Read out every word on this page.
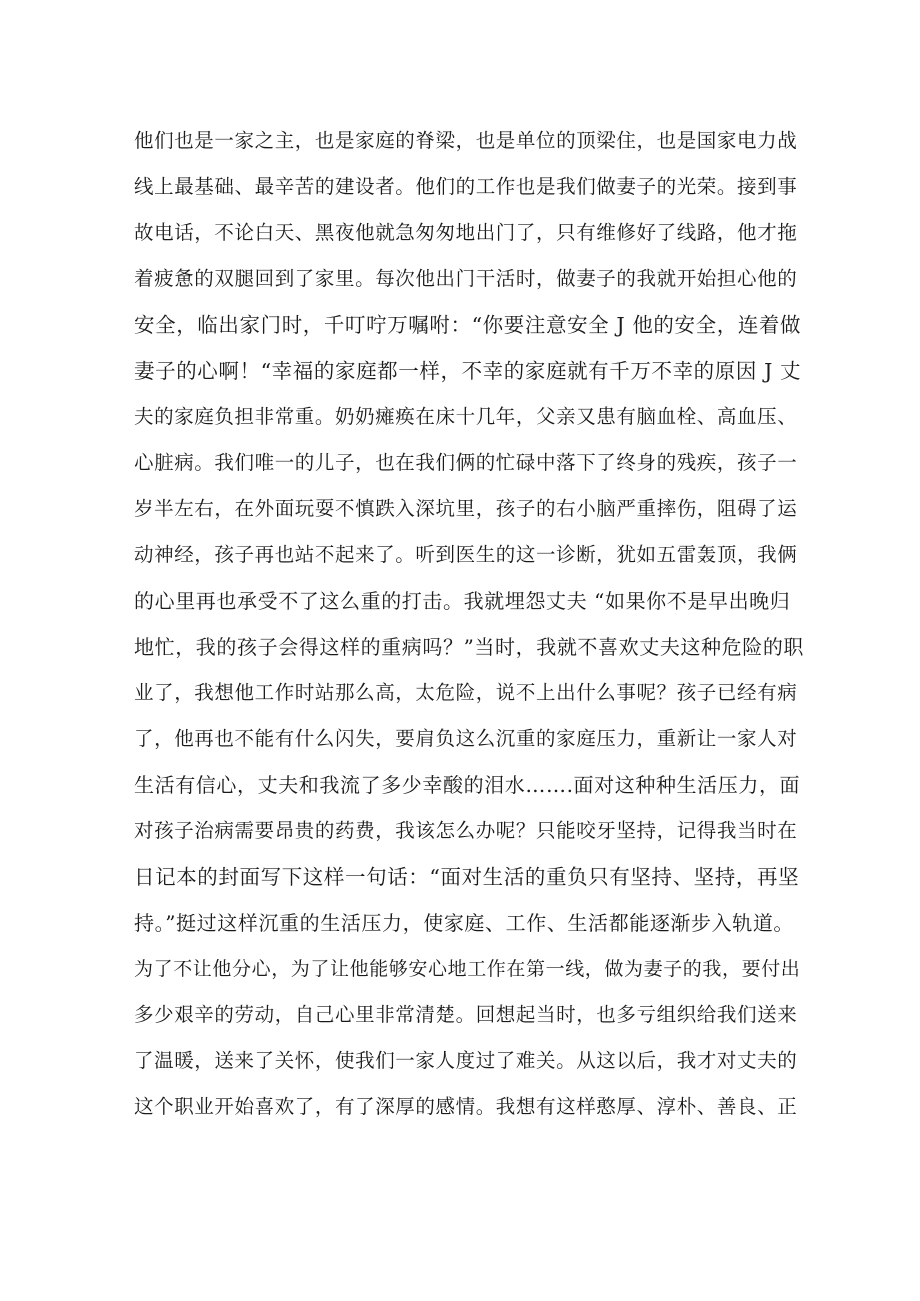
他们也是一家之主，也是家庭的脊梁，也是单位的顶梁住，也是国家电力战
线上最基础、最辛苦的建设者。他们的工作也是我们做妻子的光荣。接到事
故电话，不论白天、黑夜他就急匆匆地出门了，只有维修好了线路，他才拖
着疲惫的双腿回到了家里。每次他出门干活时，做妻子的我就开始担心他的
安全，临出家门时，千叮咛万嘱咐：“你要注意安全 J 他的安全，连着做
妻子的心啊！“幸福的家庭都一样，不幸的家庭就有千万不幸的原因 J 丈
夫的家庭负担非常重。奶奶瘫痪在床十几年，父亲又患有脑血栓、高血压、
心脏病。我们唯一的儿子，也在我们俩的忙碌中落下了终身的残疾，孩子一
岁半左右，在外面玩耍不慎跌入深坑里，孩子的右小脑严重摔伤，阻碍了运
动神经，孩子再也站不起来了。听到医生的这一诊断，犹如五雷轰顶，我俩
的心里再也承受不了这么重的打击。我就埋怨丈夫 “如果你不是早出晚归
地忙，我的孩子会得这样的重病吗？”当时，我就不喜欢丈夫这种危险的职
业了，我想他工作时站那么高，太危险，说不上出什么事呢？孩子已经有病
了，他再也不能有什么闪失，要肩负这么沉重的家庭压力，重新让一家人对
生活有信心，丈夫和我流了多少幸酸的泪水…….面对这种种生活压力，面
对孩子治病需要昂贵的药费，我该怎么办呢？只能咬牙坚持，记得我当时在
日记本的封面写下这样一句话：“面对生活的重负只有坚持、坚持，再坚
持。”挺过这样沉重的生活压力，使家庭、工作、生活都能逐渐步入轨道。
为了不让他分心，为了让他能够安心地工作在第一线，做为妻子的我，要付出
多少艰辛的劳动，自己心里非常清楚。回想起当时，也多亏组织给我们送来
了温暖，送来了关怀，使我们一家人度过了难关。从这以后，我才对丈夫的
这个职业开始喜欢了，有了深厚的感情。我想有这样憨厚、淳朴、善良、正
